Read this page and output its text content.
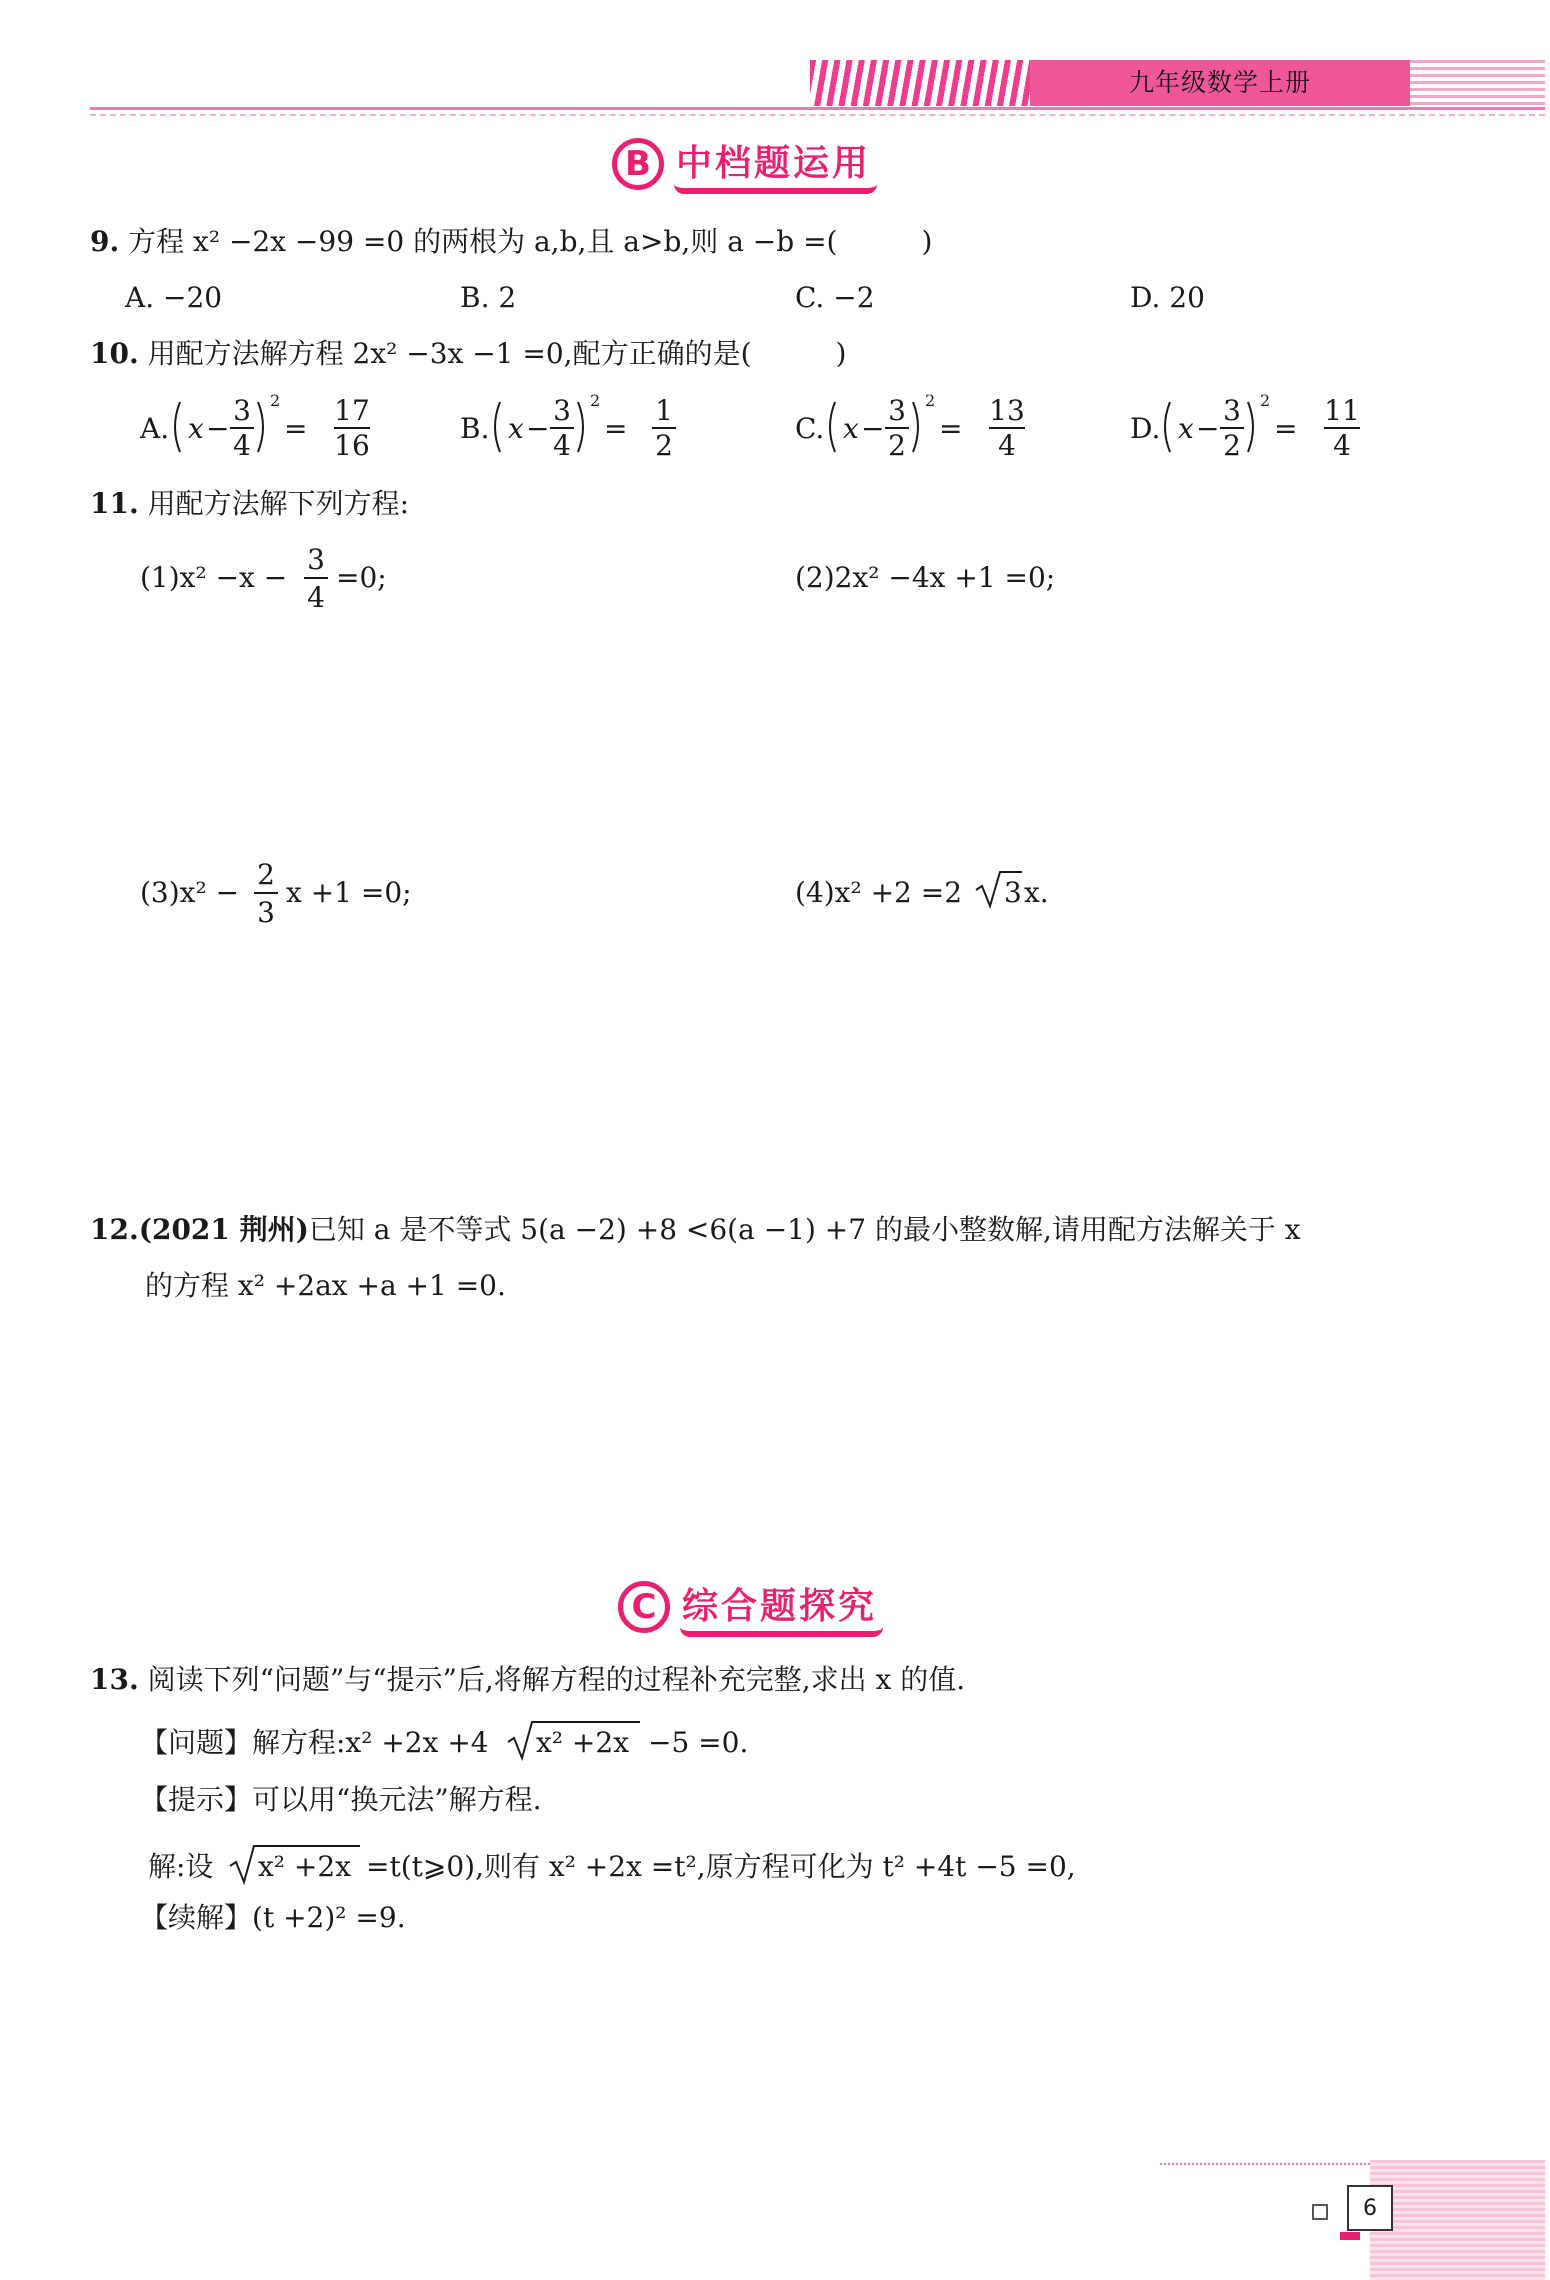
九年级数学上册
B 中档题运用
9. 方程 x² −2x −99 =0 的两根为 a,b,且 a>b,则 a −b =(　　　)
A. −20	B. 2	C. −2	D. 20
10. 用配方法解方程 2x² −3x −1 =0,配方正确的是(　　　)
A. x −
3
4
2
=
17
16
B. x −
3
4
2
=
1
2
C. x −
3
2
2
=
13
4
D. x −
3
2
2
=
11
4
11. 用配方法解下列方程:
(1)x² −x −
3
4
=0;	(2)2x² −4x +1 =0;
(3)x² −
2
3
x +1 =0;	(4)x² +2 =2 3 x.
12.(2021 荆州)已知 a 是不等式 5(a −2) +8 <6(a −1) +7 的最小整数解,请用配方法解关于 x
的方程 x² +2ax +a +1 =0.
C 综合题探究
13. 阅读下列“问题”与“提示”后,将解方程的过程补充完整,求出 x 的值.
【问题】 解方程:x² +2x +4 x² +2x −5 =0.
【提示】可以用“换元法”解方程.
解:设 x² +2x =t(t⩾0),则有 x² +2x =t²,原方程可化为 t² +4t −5 =0,
【续解】(t +2)² =9.
6
